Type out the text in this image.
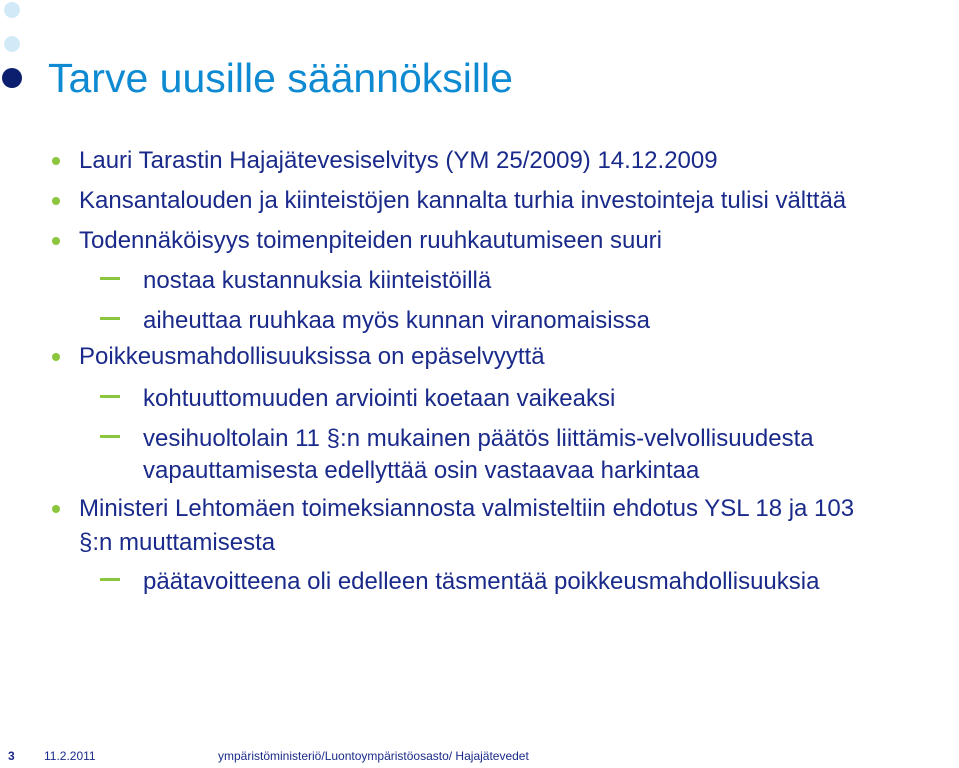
Tarve uusille säännöksille
Lauri Tarastin Hajajätevesiselvitys (YM 25/2009) 14.12.2009
Kansantalouden ja kiinteistöjen kannalta turhia investointeja tulisi välttää
Todennäköisyys toimenpiteiden ruuhkautumiseen suuri
nostaa kustannuksia kiinteistöillä
aiheuttaa ruuhkaa myös kunnan viranomaisissa
Poikkeusmahdollisuuksissa on epäselvyyttä
kohtuuttomuuden arviointi koetaan vaikeaksi
vesihuoltolain 11 §:n mukainen päätös liittämis-velvollisuudesta
vapauttamisesta edellyttää osin vastaavaa harkintaa
Ministeri Lehtomäen toimeksiannosta valmisteltiin ehdotus YSL 18 ja 103
§:n muuttamisesta
päätavoitteena oli edelleen täsmentää poikkeusmahdollisuuksia
3 11.2.2011	ympäristöministeriö/Luontoympäristöosasto/ Hajajätevedet
